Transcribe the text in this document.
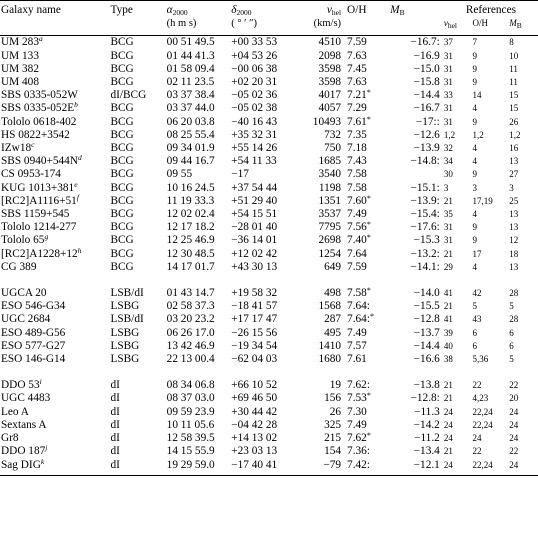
Galaxy name	Type	$\alpha_{2000}$	$\delta_{2000}$	$v_{hel}$	O/H	$M_B$	References		
		(h m s)	( ° ′ ″)	(km/s)			$v_{hel}$	O/H	$M_B$

UM 283$^a$	BCG	00 51 49.5	+00 33 53	4510	7.59	−16.7:	37	7	8
UM 133	BCG	01 44 41.3	+04 53 26	2098	7.63	−16.9	31	9	10
UM 382	BCG	01 58 09.4	−00 06 38	3598	7.45	−15.0	31	9	11
UM 408	BCG	02 11 23.5	+02 20 31	3598	7.63	−15.8	31	9	11
SBS 0335-052W	dI/BCG	03 37 38.4	−05 02 36	4017	7.21*	−14.4	33	14	15
SBS $0335-052E^b$	BCG	03 37 44.0	−05 02 38	4057	7.29	−16.7	31	4	15
Tololo 0618-402	BCG	06 20 03.8	−40 16 43	10493	7.61*	−17::	31	9	26
HS 0822+3542	BCG	08 25 55.4	+35 32 31	732	7.35	−12.6	1,2	1,2	1,2
IZw18$^c$	BCG	09 34 01.9	+55 14 26	750	7.18	−13.9	32	4	16
SBS $0940+544N^d$	BCG	09 44 16.7	+54 11 33	1685	7.43	−14.8:	34	4	13
CS 0953-174	BCG	09 55	−17	3540	7.58		30	9	27
KUG $1013+381^e$	BCG	10 16 24.5	+37 54 44	1198	7.58	−15.1:	3	3	3
$[RC2]A1116+51^f$	BCG	11 19 33.3	+51 29 40	1351	7.60*	−13.9:	21	17,19	25
SBS 1159+545	BCG	12 02 02.4	+54 15 51	3537	7.49	−15.4:	35	4	13
Tololo 1214-277	BCG	12 17 18.2	−28 01 40	7795	7.56*	−17.6:	31	9	13
Tololo 65$^g$	BCG	12 25 46.9	−36 14 01	2698	7.40*	−15.3	31	9	12
$[RC2]A1228+12^h$	BCG	12 30 48.5	+12 02 42	1254	7.64	−13.2:	21	17	18
CG 389	BCG	14 17 01.7	+43 30 13	649	7.59	−14.1:	29	4	13

UGCA 20	LSB/dI	01 43 14.7	+19 58 32	498	7.58*	−14.0	41	42	28
ESO 546-G34	LSBG	02 58 37.3	−18 41 57	1568	7.64:	−15.5	21	5	5
UGC 2684	LSB/dI	03 20 23.2	+17 17 47	287	7.64:*	−12.8	41	43	28
ESO 489-G56	LSBG	06 26 17.0	−26 15 56	495	7.49	−13.7	39	6	6
ESO 577-G27	LSBG	13 42 46.9	−19 34 54	1410	7.57	−14.4	40	6	6
ESO 146-G14	LSBG	22 13 00.4	−62 04 03	1680	7.61	−16.6	38	5,36	5

DDO 53$^i$	dI	08 34 06.8	+66 10 52	19	7.62:	−13.8	21	22	22
UGC 4483	dI	08 37 03.0	+69 46 50	156	7.53*	−12.8:	21	4,23	20
Leo A	dI	09 59 23.9	+30 44 42	26	7.30	−11.3	24	22,24	24
Sextans A	dI	10 11 05.6	−04 42 28	325	7.49	−14.2	24	22,24	24
Gr8	dI	12 58 39.5	+14 13 02	215	7.62*	−11.2	24	24	24
DDO 187$^j$	dI	14 15 55.9	+23 03 13	154	7.36:	−13.4	21	22	22
Sag DIG$^k$	dI	19 29 59.0	−17 40 41	−79	7.42:	−12.1	24	22,24	24
